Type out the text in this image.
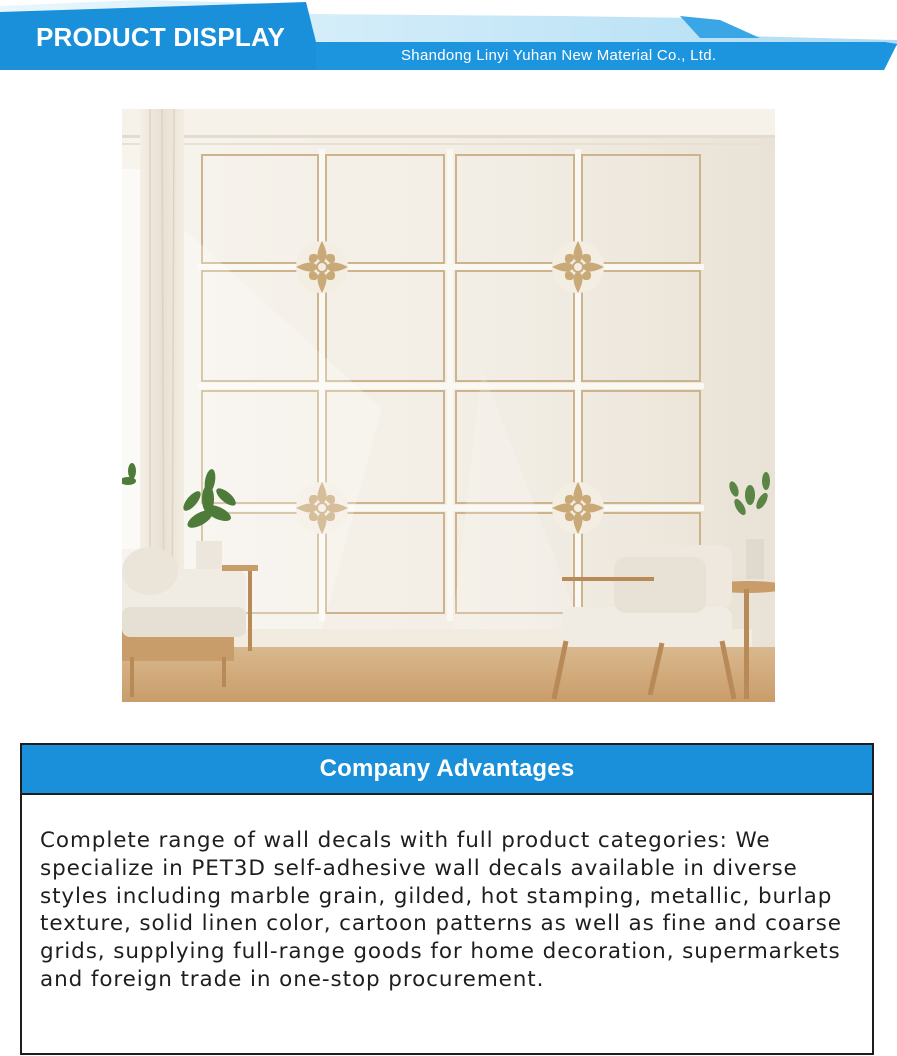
PRODUCT DISPLAY
Shandong Linyi Yuhan New Material Co., Ltd.
Company Advantages

Complete range of wall decals with full product categories: We specialize in PET3D self-adhesive wall decals available in diverse styles including marble grain, gilded, hot stamping, metallic, burlap texture, solid linen color, cartoon patterns as well as fine and coarse grids, supplying full-range goods for home decoration, supermarkets and foreign trade in one-stop procurement.
